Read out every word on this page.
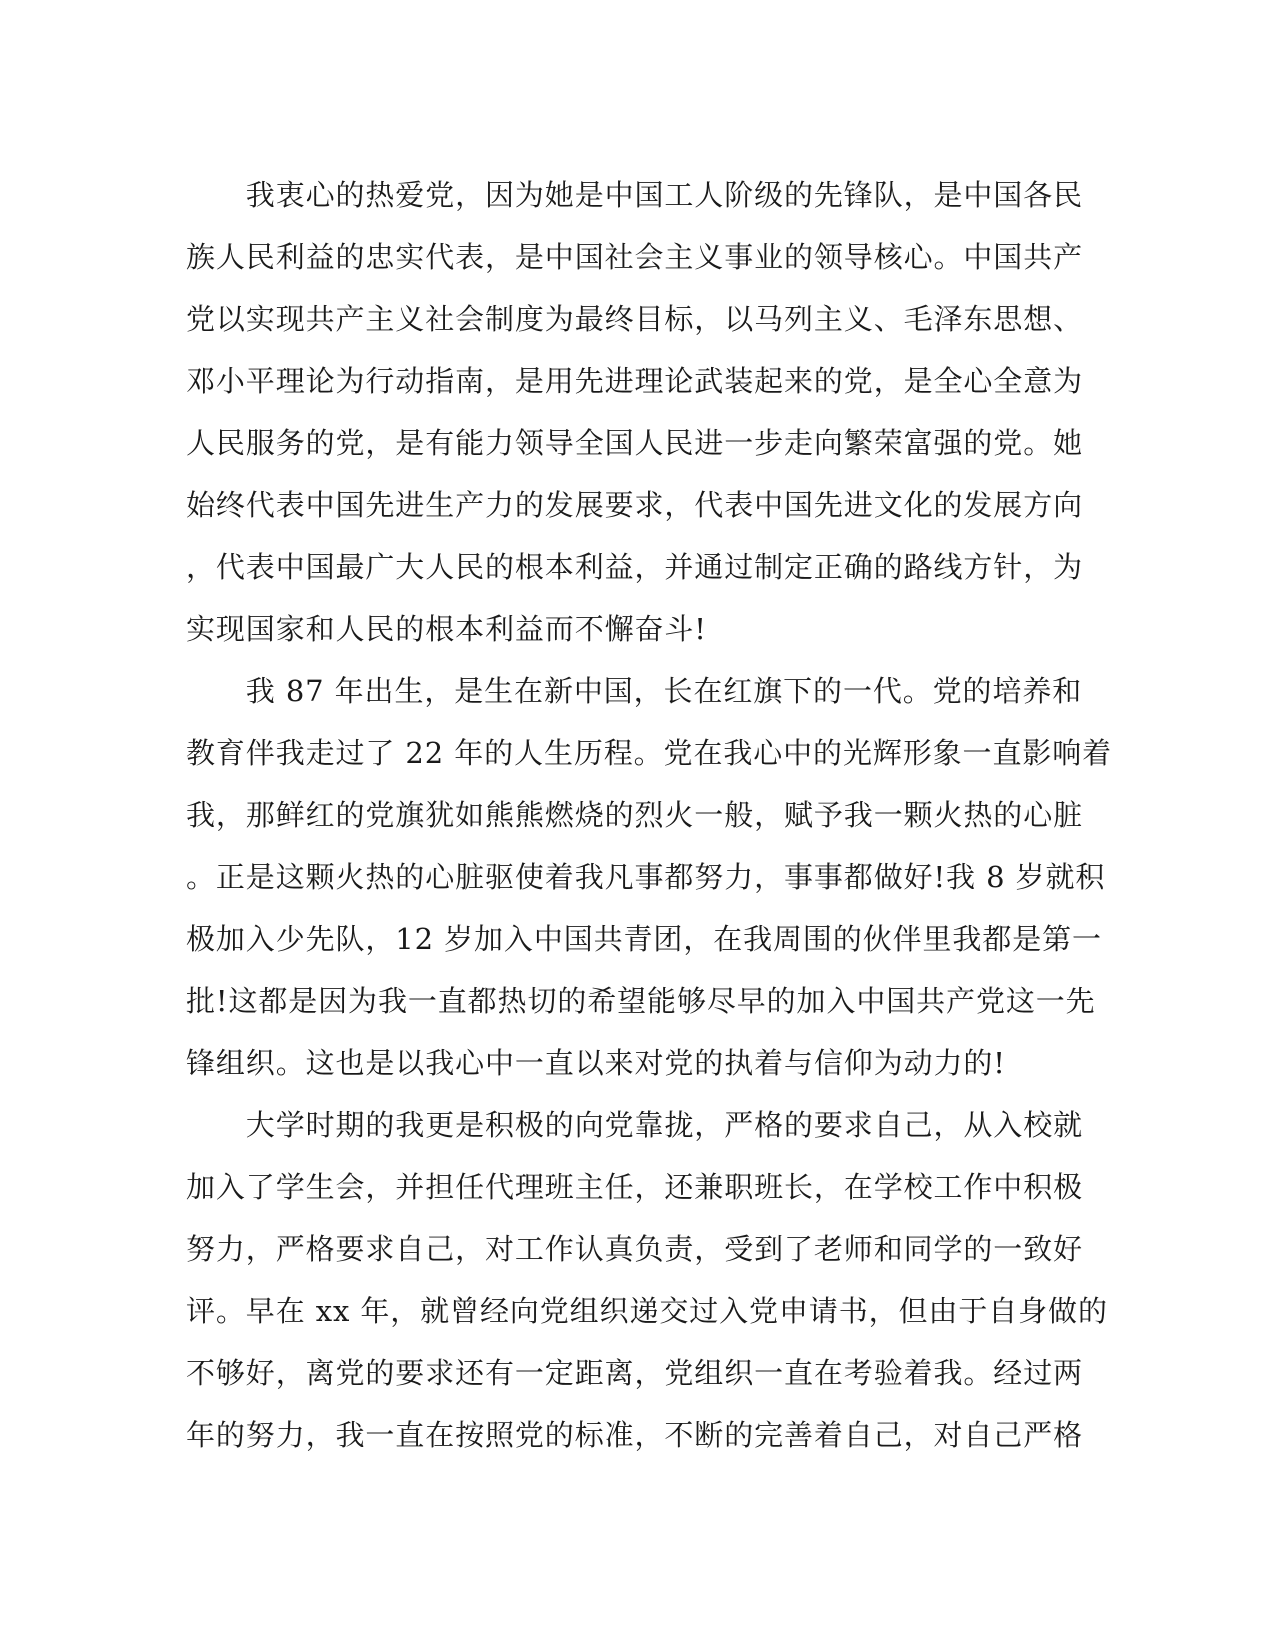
　　我衷心的热爱党，因为她是中国工人阶级的先锋队，是中国各民
族人民利益的忠实代表，是中国社会主义事业的领导核心。中国共产
党以实现共产主义社会制度为最终目标，以马列主义、毛泽东思想、
邓小平理论为行动指南，是用先进理论武装起来的党，是全心全意为
人民服务的党，是有能力领导全国人民进一步走向繁荣富强的党。她
始终代表中国先进生产力的发展要求，代表中国先进文化的发展方向
，代表中国最广大人民的根本利益，并通过制定正确的路线方针，为
实现国家和人民的根本利益而不懈奋斗!
　　我 87 年出生，是生在新中国，长在红旗下的一代。党的培养和
教育伴我走过了 22 年的人生历程。党在我心中的光辉形象一直影响着
我，那鲜红的党旗犹如熊熊燃烧的烈火一般，赋予我一颗火热的心脏
。正是这颗火热的心脏驱使着我凡事都努力，事事都做好!我 8 岁就积
极加入少先队，12 岁加入中国共青团，在我周围的伙伴里我都是第一
批!这都是因为我一直都热切的希望能够尽早的加入中国共产党这一先
锋组织。这也是以我心中一直以来对党的执着与信仰为动力的!
　　大学时期的我更是积极的向党靠拢，严格的要求自己，从入校就
加入了学生会，并担任代理班主任，还兼职班长，在学校工作中积极
努力，严格要求自己，对工作认真负责，受到了老师和同学的一致好
评。早在 xx 年，就曾经向党组织递交过入党申请书，但由于自身做的
不够好，离党的要求还有一定距离，党组织一直在考验着我。经过两
年的努力，我一直在按照党的标准，不断的完善着自己，对自己严格
